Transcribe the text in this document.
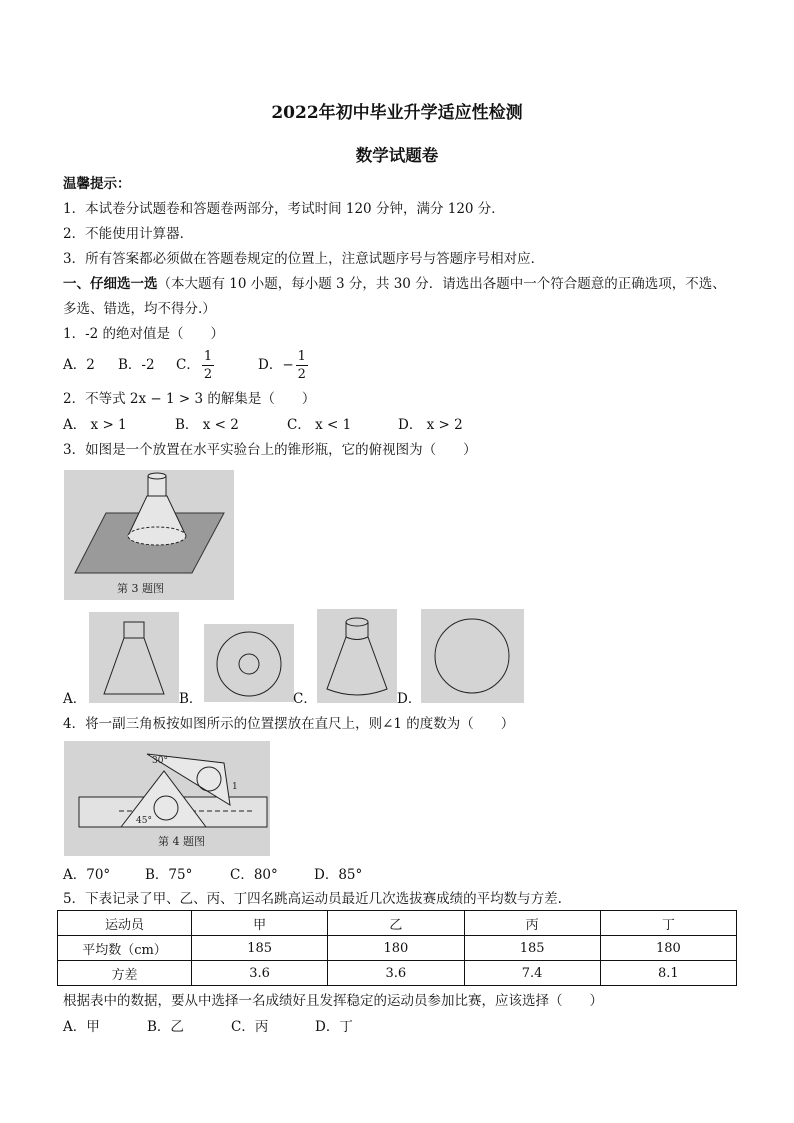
2022年初中毕业升学适应性检测
数学试题卷
温馨提示：
1．本试卷分试题卷和答题卷两部分，考试时间 120 分钟，满分 120 分．
2．不能使用计算器．
3．所有答案都必须做在答题卷规定的位置上，注意试题序号与答题序号相对应．
一、仔细选一选（本大题有 10 小题，每小题 3 分，共 30 分．请选出各题中一个符合题意的正确选项，不选、
多选、错选，均不得分.）
1．-2 的绝对值是（　　）
A．2 B．-2 C． $\frac{1}{2}$	D．− $\frac{1}{2}$
2．不等式 2x − 1 > 3 的解集是（　　）
A． x > 1	B． x < 2	C． x < 1	D． x > 2
3．如图是一个放置在水平实验台上的锥形瓶，它的俯视图为（　　）
第 3 题图
A．	B．	C．	D．
4．将一副三角板按如图所示的位置摆放在直尺上，则∠1 的度数为（　　）
30°
45°
1
第 4 题图
A．70°	B．75°	C．80°	D．85°
5．下表记录了甲、乙、丙、丁四名跳高运动员最近几次选拔赛成绩的平均数与方差.
运动员	甲	乙	丙	丁
平均数（cm）	185	180	185	180
方差	3.6	3.6	7.4	8.1
根据表中的数据，要从中选择一名成绩好且发挥稳定的运动员参加比赛，应该选择（　　）
A．甲	B．乙	C．丙	D．丁
